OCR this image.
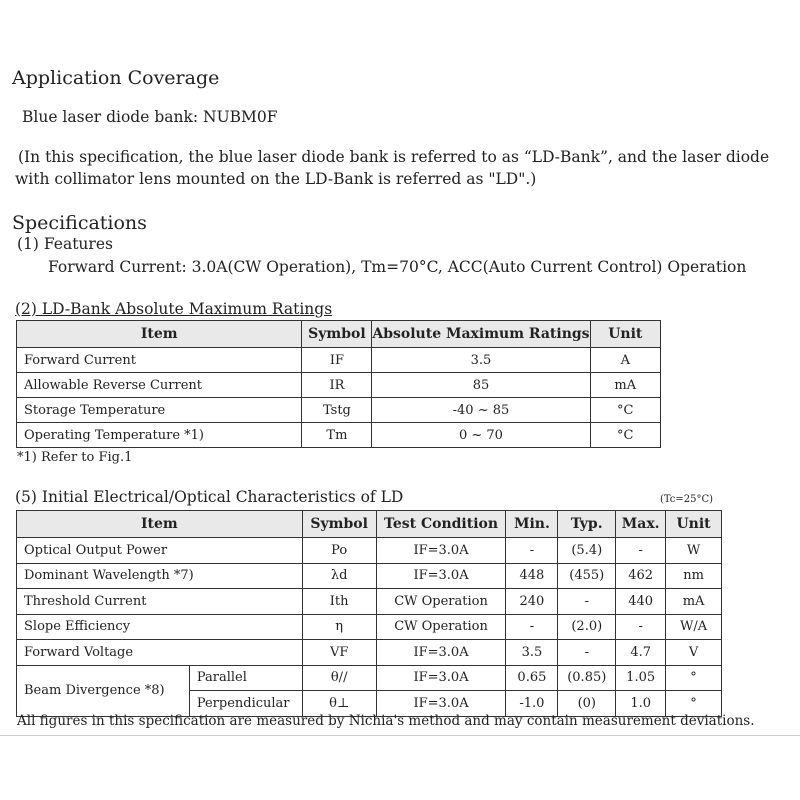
Application Coverage
Blue laser diode bank: NUBM0F
(In this specification, the blue laser diode bank is referred to as “LD-Bank”, and the laser diode
with collimator lens mounted on the LD-Bank is referred as "LD".)
Specifications
(1) Features
Forward Current: 3.0A(CW Operation), Tm=70°C, ACC(Auto Current Control) Operation
(2) LD-Bank Absolute Maximum Ratings
Item	Symbol	Absolute Maximum Ratings	Unit
Forward Current	IF	3.5	A
Allowable Reverse Current	IR	85	mA
Storage Temperature	Tstg	-40 ~ 85	°C
Operating Temperature *1)	Tm	0 ~ 70	°C
*1) Refer to Fig.1
(5) Initial Electrical/Optical Characteristics of LD	(Tc=25°C)
Item		Symbol	Test Condition	Min.	Typ.	Max.	Unit
Optical Output Power		Po	IF=3.0A	-	(5.4)	-	W
Dominant Wavelength *7)		λd	IF=3.0A	448	(455)	462	nm
Threshold Current		Ith	CW Operation	240	-	440	mA
Slope Efficiency		η	CW Operation	-	(2.0)	-	W/A
Forward Voltage		VF	IF=3.0A	3.5	-	4.7	V
Beam Divergence *8)	Parallel	θ//	IF=3.0A	0.65	(0.85)	1.05	°
	Perpendicular	θ⊥	IF=3.0A	-1.0	(0)	1.0	°
All figures in this specification are measured by Nichia's method and may contain measurement deviations.
